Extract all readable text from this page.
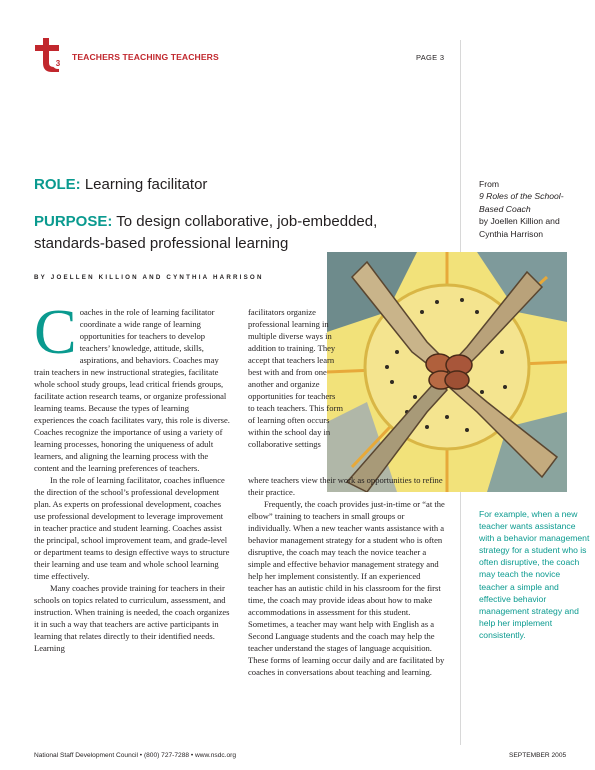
3
TEACHERS TEACHING TEACHERS	PAGE 3
ROLE: Learning facilitator
PURPOSE: To design collaborative, job-embedded, standards-based professional learning
BY JOELLEN KILLION AND CYNTHIA HARRISON
From
9 Roles of the School-Based Coach
by Joellen Killion and Cynthia Harrison

Coaches in the role of learning facilitator coordinate a wide range of learning opportunities for teachers to develop teachers’ knowledge, attitude, skills, aspirations, and behaviors. Coaches may train teachers in new instructional strategies, facilitate whole school study groups, lead critical friends groups, facilitate action research teams, or organize professional learning teams. Because the types of learning experiences the coach facilitates vary, this role is diverse. Coaches recognize the importance of using a variety of learning processes, honoring the uniqueness of adult learners, and aligning the learning process with the content and the learning preferences of teachers.

In the role of learning facilitator, coaches influence the direction of the school’s professional development plan. As experts on professional development, coaches use professional development to leverage improvement in teacher practice and student learning. Coaches assist the principal, school improvement team, and grade-level or department teams to design effective ways to structure their learning and use team and whole school learning time effectively.

Many coaches provide training for teachers in their schools on topics related to curriculum, assessment, and instruction. When training is needed, the coach organizes it in such a way that teachers are active participants in learning that relates directly to their identified needs. Learning

facilitators organize professional learning in multiple diverse ways in addition to training. They accept that teachers learn best with and from one another and organize opportunities for teachers to teach teachers. This form of learning often occurs within the school day in collaborative settings

where teachers view their work as opportunities to refine their practice.

Frequently, the coach provides just-in-time or “at the elbow” training to teachers in small groups or individually. When a new teacher wants assistance with a behavior management strategy for a student who is often disruptive, the coach may teach the novice teacher a simple and effective behavior management strategy and help her implement consistently. If an experienced teacher has an autistic child in his classroom for the first time, the coach may provide ideas about how to make accommodations in assessment for this student. Sometimes, a teacher may want help with English as a Second Language students and the coach may help the teacher understand the stages of language acquisition. These forms of learning occur daily and are facilitated by coaches in conversations about teaching and learning.

For example, when a new teacher wants assistance with a behavior management strategy for a student who is often disruptive, the coach may teach the novice teacher a simple and effective behavior management strategy and help her implement consistently.
National Staff Development Council • (800) 727-7288 • www.nsdc.org	SEPTEMBER 2005
